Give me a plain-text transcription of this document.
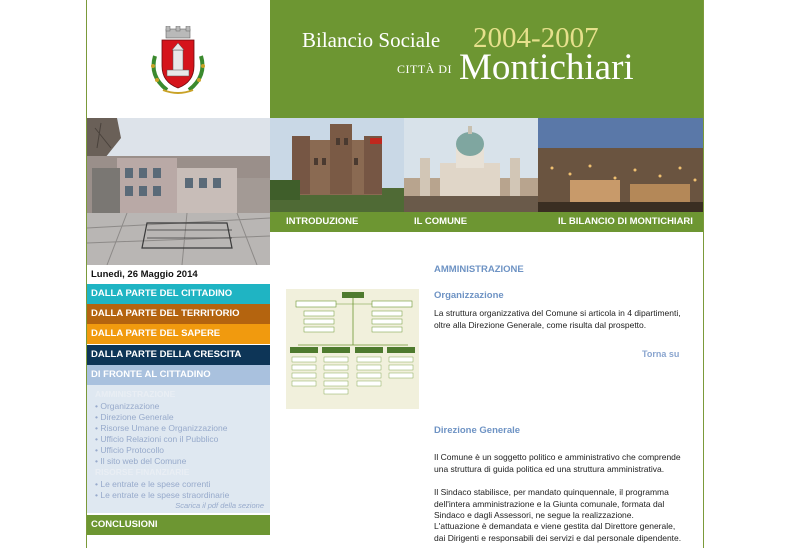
Lunedì, 26 Maggio 2014
DALLA PARTE DEL CITTADINO
DALLA PARTE DEL TERRITORIO
DALLA PARTE DEL SAPERE
DALLA PARTE DELLA CRESCITA
DI FRONTE AL CITTADINO
AMMINISTRAZIONE
• Organizzazione
• Direzione Generale
• Risorse Umane e Organizzazione
• Ufficio Relazioni con il Pubblico
• Ufficio Protocollo
• Il sito web del Comune
RISORSE FINANZIARIE
• Le entrate e le spese correnti
• Le entrate e le spese straordinarie
Scarica il pdf della sezione
CONCLUSIONI
Bilancio Sociale 2004-2007
CITTÀ DI Montichiari
INTRODUZIONE	IL COMUNE	IL BILANCIO DI MONTICHIARI
AMMINISTRAZIONE
Organizzazione
La struttura organizzativa del Comune si articola in 4 dipartimenti, oltre alla Direzione Generale, come risulta dal prospetto.
Torna su
Direzione Generale
Il Comune è un soggetto politico e amministrativo che comprende una struttura di guida politica ed una struttura amministrativa.
Il Sindaco stabilisce, per mandato quinquennale, il programma dell'intera amministrazione e la Giunta comunale, formata dal Sindaco e dagli Assessori, ne segue la realizzazione.
L'attuazione è demandata e viene gestita dal Direttore generale, dai Dirigenti e responsabili dei servizi e dal personale dipendente.
